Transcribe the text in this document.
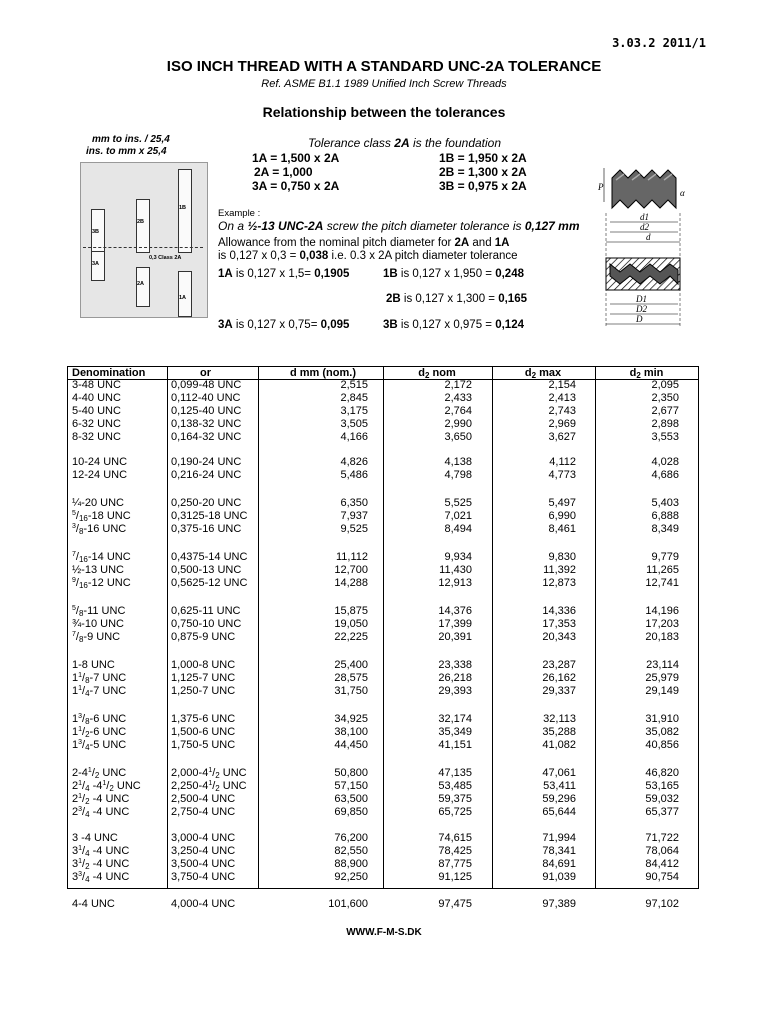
3.03.2 2011/1
ISO INCH THREAD WITH A STANDARD UNC-2A TOLERANCE
Ref. ASME B1.1 1989 Unified Inch Screw Threads
Relationship between the tolerances
mm to ins. / 25,4
ins. to mm x 25,4
1B
2B
3B
0,3 Class 2A
3A
2A
1A
Tolerance class 2A is the foundation
1A = 1,500 x 2A
2A = 1,000
3A = 0,750 x 2A
1B = 1,950 x 2A
2B = 1,300 x 2A
3B = 0,975 x 2A
Example :
On a ½-13 UNC-2A screw the pitch diameter tolerance is 0,127 mm
Allowance from the nominal pitch diameter for 2A and 1A
is 0,127 x 0,3 = 0,038 i.e. 0.3 x 2A pitch diameter tolerance
1A is 0,127 x 1,5= 0,1905	1B is 0,127 x 1,950 = 0,248
2B is 0,127 x 1,300 = 0,165
3A is 0,127 x 0,75= 0,095	3B is 0,127 x 0,975 = 0,124
P
α
d1
d2
d
D1
D2
D
Denomination	or	d mm (nom.)	$d_2$ nom	$d_2$ max	$d_2$ min
3-48 UNC	0,099-48 UNC	2,515	2,172	2,154	2,095
4-40 UNC	0,112-40 UNC	2,845	2,433	2,413	2,350
5-40 UNC	0,125-40 UNC	3,175	2,764	2,743	2,677
6-32 UNC	0,138-32 UNC	3,505	2,990	2,969	2,898
8-32 UNC	0,164-32 UNC	4,166	3,650	3,627	3,553
10-24 UNC	0,190-24 UNC	4,826	4,138	4,112	4,028
12-24 UNC	0,216-24 UNC	5,486	4,798	4,773	4,686
¼-20 UNC	0,250-20 UNC	6,350	5,525	5,497	5,403
$^5/_{16}-18$ UNC	0,3125-18 UNC	7,937	7,021	6,990	6,888
$^3/_8-16$ UNC	0,375-16 UNC	9,525	8,494	8,461	8,349
$^7/_{16}-14$ UNC	0,4375-14 UNC	11,112	9,934	9,830	9,779
½-13 UNC	0,500-13 UNC	12,700	11,430	11,392	11,265
$^9/_{16}-12$ UNC	0,5625-12 UNC	14,288	12,913	12,873	12,741
$^5/_8-11$ UNC	0,625-11 UNC	15,875	14,376	14,336	14,196
¾-10 UNC	0,750-10 UNC	19,050	17,399	17,353	17,203
$^7/_8-9$ UNC	0,875-9 UNC	22,225	20,391	20,343	20,183
1-8 UNC	1,000-8 UNC	25,400	23,338	23,287	23,114
$1^1/_8-7$ UNC	1,125-7 UNC	28,575	26,218	26,162	25,979
$1^1/_4-7$ UNC	1,250-7 UNC	31,750	29,393	29,337	29,149
$1^3/_8-6$ UNC	1,375-6 UNC	34,925	32,174	32,113	31,910
$1^1/_2-6$ UNC	1,500-6 UNC	38,100	35,349	35,288	35,082
$1^3/_4-5$ UNC	1,750-5 UNC	44,450	41,151	41,082	40,856
$2-4^1/_2$ UNC	$2,000-4^1/_2$ UNC	50,800	47,135	47,061	46,820
$2^1/_4$ $-4^1/_2$ UNC	$2,250-4^1/_2$ UNC	57,150	53,485	53,411	53,165
$2^1/_2$ -4 UNC	2,500-4 UNC	63,500	59,375	59,296	59,032
$2^3/_4$ -4 UNC	2,750-4 UNC	69,850	65,725	65,644	65,377
3 -4 UNC	3,000-4 UNC	76,200	74,615	71,994	71,722
$3^1/_4$ -4 UNC	3,250-4 UNC	82,550	78,425	78,341	78,064
$3^1/_2$ -4 UNC	3,500-4 UNC	88,900	87,775	84,691	84,412
$3^3/_4$ -4 UNC	3,750-4 UNC	92,250	91,125	91,039	90,754
4-4 UNC	4,000-4 UNC	101,600	97,475	97,389	97,102
WWW.F-M-S.DK
